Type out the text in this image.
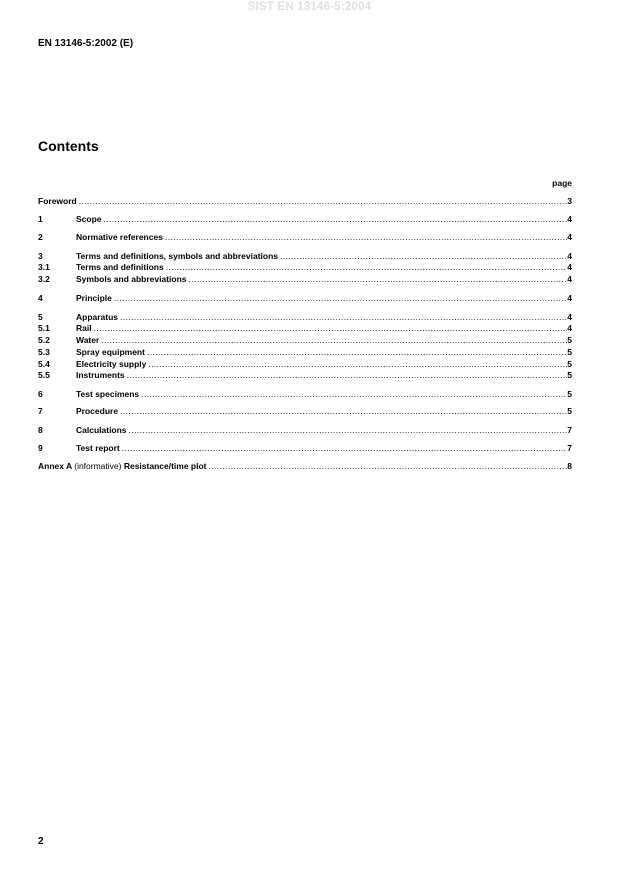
SIST EN 13146-5:2004
EN 13146-5:2002 (E)
Contents
page
Foreword .....	3
1	Scope .....	4
2	Normative references .....	4
3	Terms and definitions, symbols and abbreviations .....	4
3.1	Terms and definitions .....	4
3.2	Symbols and abbreviations .....	4
4	Principle .....	4
5	Apparatus .....	4
5.1	Rail .....	4
5.2	Water .....	5
5.3	Spray equipment .....	5
5.4	Electricity supply .....	5
5.5	Instruments .....	5
6	Test specimens .....	5
7	Procedure .....	5
8	Calculations .....	7
9	Test report .....	7
Annex A (informative) Resistance/time plot .....	8
2
